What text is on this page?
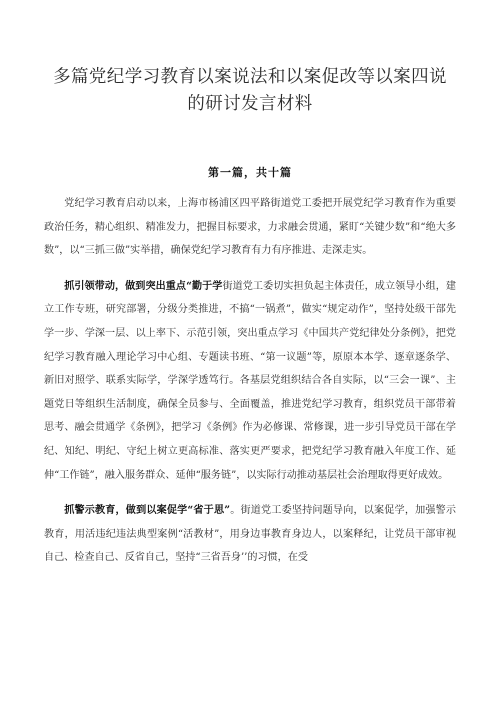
多篇党纪学习教育以案说法和以案促改等以案四说
的研讨发言材料
第一篇，共十篇

党纪学习教育启动以来，上海市杨浦区四平路街道党工委把开展党纪学习教育作为重要政治任务，精心组织、精准发力，把握目标要求，力求融会贯通，紧盯“关键少数”和“绝大多数”，以“三抓三做”实举措，确保党纪学习教育有力有序推进、走深走实。

抓引领带动，做到突出重点“勤于学街道党工委切实担负起主体责任，成立领导小组，建立工作专班，研究部署，分级分类推进，不搞“一锅煮”，做实“规定动作”，坚持处级干部先学一步、学深一层、以上率下、示范引领，突出重点学习《中国共产党纪律处分条例》，把党纪学习教育融入理论学习中心组、专题读书班、“第一议题”等，原原本本学、逐章逐条学、新旧对照学、联系实际学，学深学透笃行。各基层党组织结合各自实际，以“三会一课”、主题党日等组织生活制度，确保全员参与、全面覆盖，推进党纪学习教育，组织党员干部带着思考、融会贯通学《条例》，把学习《条例》作为必修课、常修课，进一步引导党员干部在学纪、知纪、明纪、守纪上树立更高标准、落实更严要求，把党纪学习教育融入年度工作、延伸“工作链”，融入服务群众、延伸“服务链”，以实际行动推动基层社会治理取得更好成效。

抓警示教育，做到以案促学“省于思”。街道党工委坚持问题导向，以案促学，加强警示教育，用活违纪违法典型案例“活教材”，用身边事教育身边人，以案释纪，让党员干部审视自己、检查自己、反省自己，坚持“三省吾身’’的习惯，在受
